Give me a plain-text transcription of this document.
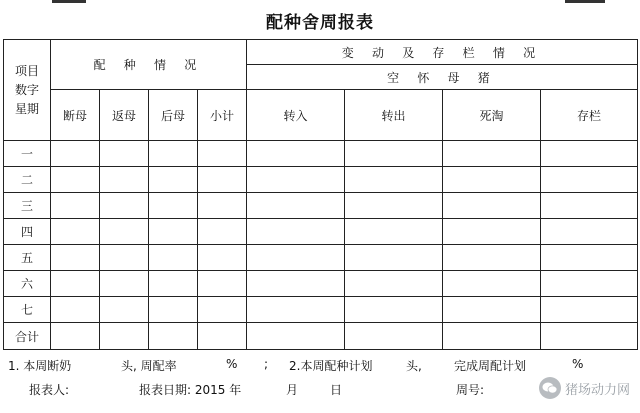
配种舍周报表
项目
数字
星期	配 种 情 况				变 动 及 存 栏 情 况			
					空 怀 母 猪			
	断母	返母	后母	小计	转入	转出	死淘	存栏
一								
二								
三								
四								
五								
六								
七								
合计								
1. 本周断奶	头, 周配率	% ; 2.本周配种计划	头,	完成周配计划	%
报表人:	报表日期: 2015 年	月	日	周号:	猪场动力网
